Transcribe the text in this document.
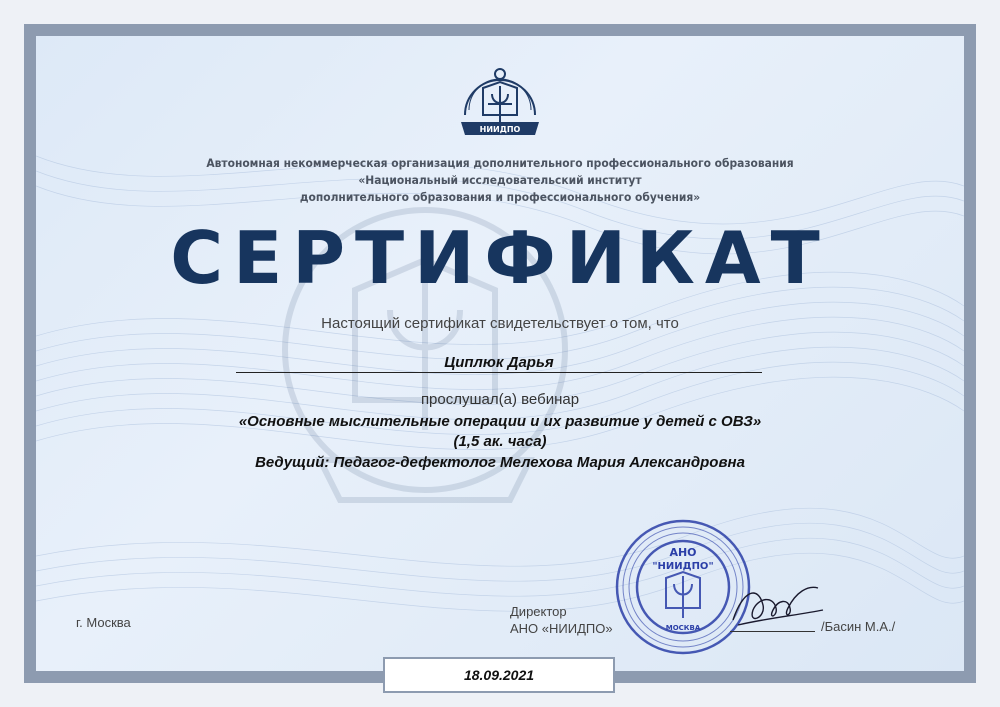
НИИДПО
Автономная некоммерческая организация дополнительного профессионального образования
«Национальный исследовательский институт
дополнительного образования и профессионального обучения»
СЕРТИФИКАТ
Настоящий сертификат свидетельствует о том, что
Циплюк Дарья
прослушал(а) вебинар
«Основные мыслительные операции и их развитие у детей с ОВЗ»
(1,5 ак. часа)
Ведущий: Педагог-дефектолог Мелехова Мария Александровна
г. Москва
Директор
АНО «НИИДПО»
АНО
"НИИДПО"
МОСКВА	/Басин М.А./
18.09.2021
